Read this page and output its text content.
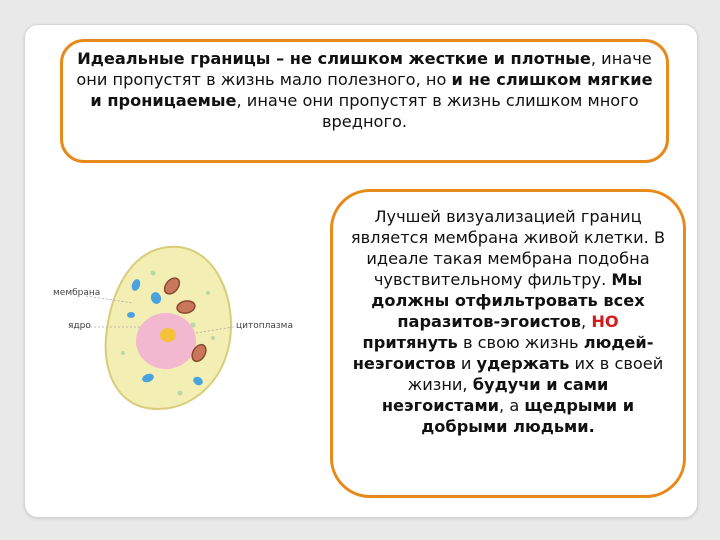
Идеальные границы – не слишком жесткие и плотные, иначе они пропустят в жизнь мало полезного, но и не слишком мягкие и проницаемые, иначе они пропустят в жизнь слишком много вредного.
Лучшей визуализацией границ является мембрана живой клетки. В идеале такая мембрана подобна чувствительному фильтру. Мы должны отфильтровать всех паразитов-эгоистов, НО притянуть в свою жизнь людей-неэгоистов и удержать их в своей жизни, будучи и сами неэгоистами, а щедрыми и добрыми людьми.
мембрана
ядро	цитоплазма
